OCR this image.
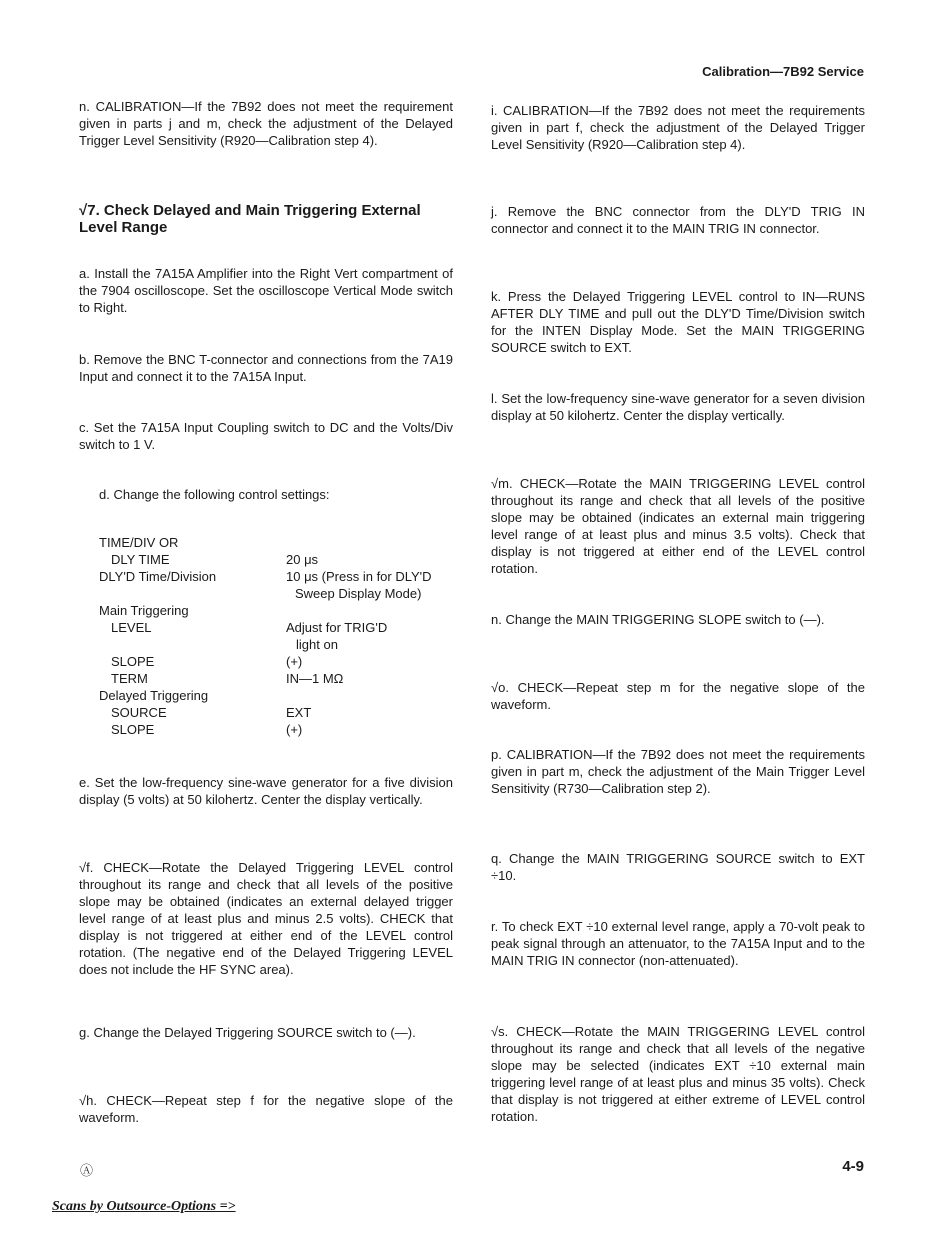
Calibration—7B92 Service

n. CALIBRATION—If the 7B92 does not meet the requirement given in parts j and m, check the adjustment of the Delayed Trigger Level Sensitivity (R920—Calibration step 4).

√7. Check Delayed and Main Triggering External Level Range

a. Install the 7A15A Amplifier into the Right Vert compartment of the 7904 oscilloscope. Set the oscilloscope Vertical Mode switch to Right.

b. Remove the BNC T-connector and connections from the 7A19 Input and connect it to the 7A15A Input.

c. Set the 7A15A Input Coupling switch to DC and the Volts/Div switch to 1 V.

d. Change the following control settings:

TIME/DIV OR
DLY TIME	20 μs
DLY'D Time/Division	10 μs (Press in for DLY'D
Sweep Display Mode)
Main Triggering
LEVEL	Adjust for TRIG'D
light on
SLOPE	(+)
TERM	IN—1 MΩ
Delayed Triggering
SOURCE	EXT
SLOPE	(+)

e. Set the low-frequency sine-wave generator for a five division display (5 volts) at 50 kilohertz. Center the display vertically.

√f. CHECK—Rotate the Delayed Triggering LEVEL control throughout its range and check that all levels of the positive slope may be obtained (indicates an external delayed trigger level range of at least plus and minus 2.5 volts). CHECK that display is not triggered at either end of the LEVEL control rotation. (The negative end of the Delayed Triggering LEVEL does not include the HF SYNC area).

g. Change the Delayed Triggering SOURCE switch to (—).

√h. CHECK—Repeat step f for the negative slope of the waveform.

i. CALIBRATION—If the 7B92 does not meet the requirements given in part f, check the adjustment of the Delayed Trigger Level Sensitivity (R920—Calibration step 4).

j. Remove the BNC connector from the DLY'D TRIG IN connector and connect it to the MAIN TRIG IN connector.

k. Press the Delayed Triggering LEVEL control to IN—RUNS AFTER DLY TIME and pull out the DLY'D Time/Division switch for the INTEN Display Mode. Set the MAIN TRIGGERING SOURCE switch to EXT.

l. Set the low-frequency sine-wave generator for a seven division display at 50 kilohertz. Center the display vertically.

√m. CHECK—Rotate the MAIN TRIGGERING LEVEL control throughout its range and check that all levels of the positive slope may be obtained (indicates an external main triggering level range of at least plus and minus 3.5 volts). Check that display is not triggered at either end of the LEVEL control rotation.

n. Change the MAIN TRIGGERING SLOPE switch to (—).

√o. CHECK—Repeat step m for the negative slope of the waveform.

p. CALIBRATION—If the 7B92 does not meet the requirements given in part m, check the adjustment of the Main Trigger Level Sensitivity (R730—Calibration step 2).

q. Change the MAIN TRIGGERING SOURCE switch to EXT ÷10.

r. To check EXT ÷10 external level range, apply a 70-volt peak to peak signal through an attenuator, to the 7A15A Input and to the MAIN TRIG IN connector (non-attenuated).

√s. CHECK—Rotate the MAIN TRIGGERING LEVEL control throughout its range and check that all levels of the negative slope may be selected (indicates EXT ÷10 external main triggering level range of at least plus and minus 35 volts). Check that display is not triggered at either extreme of LEVEL control rotation.

Ⓐ	4-9
Scans by Outsource-Options =>
